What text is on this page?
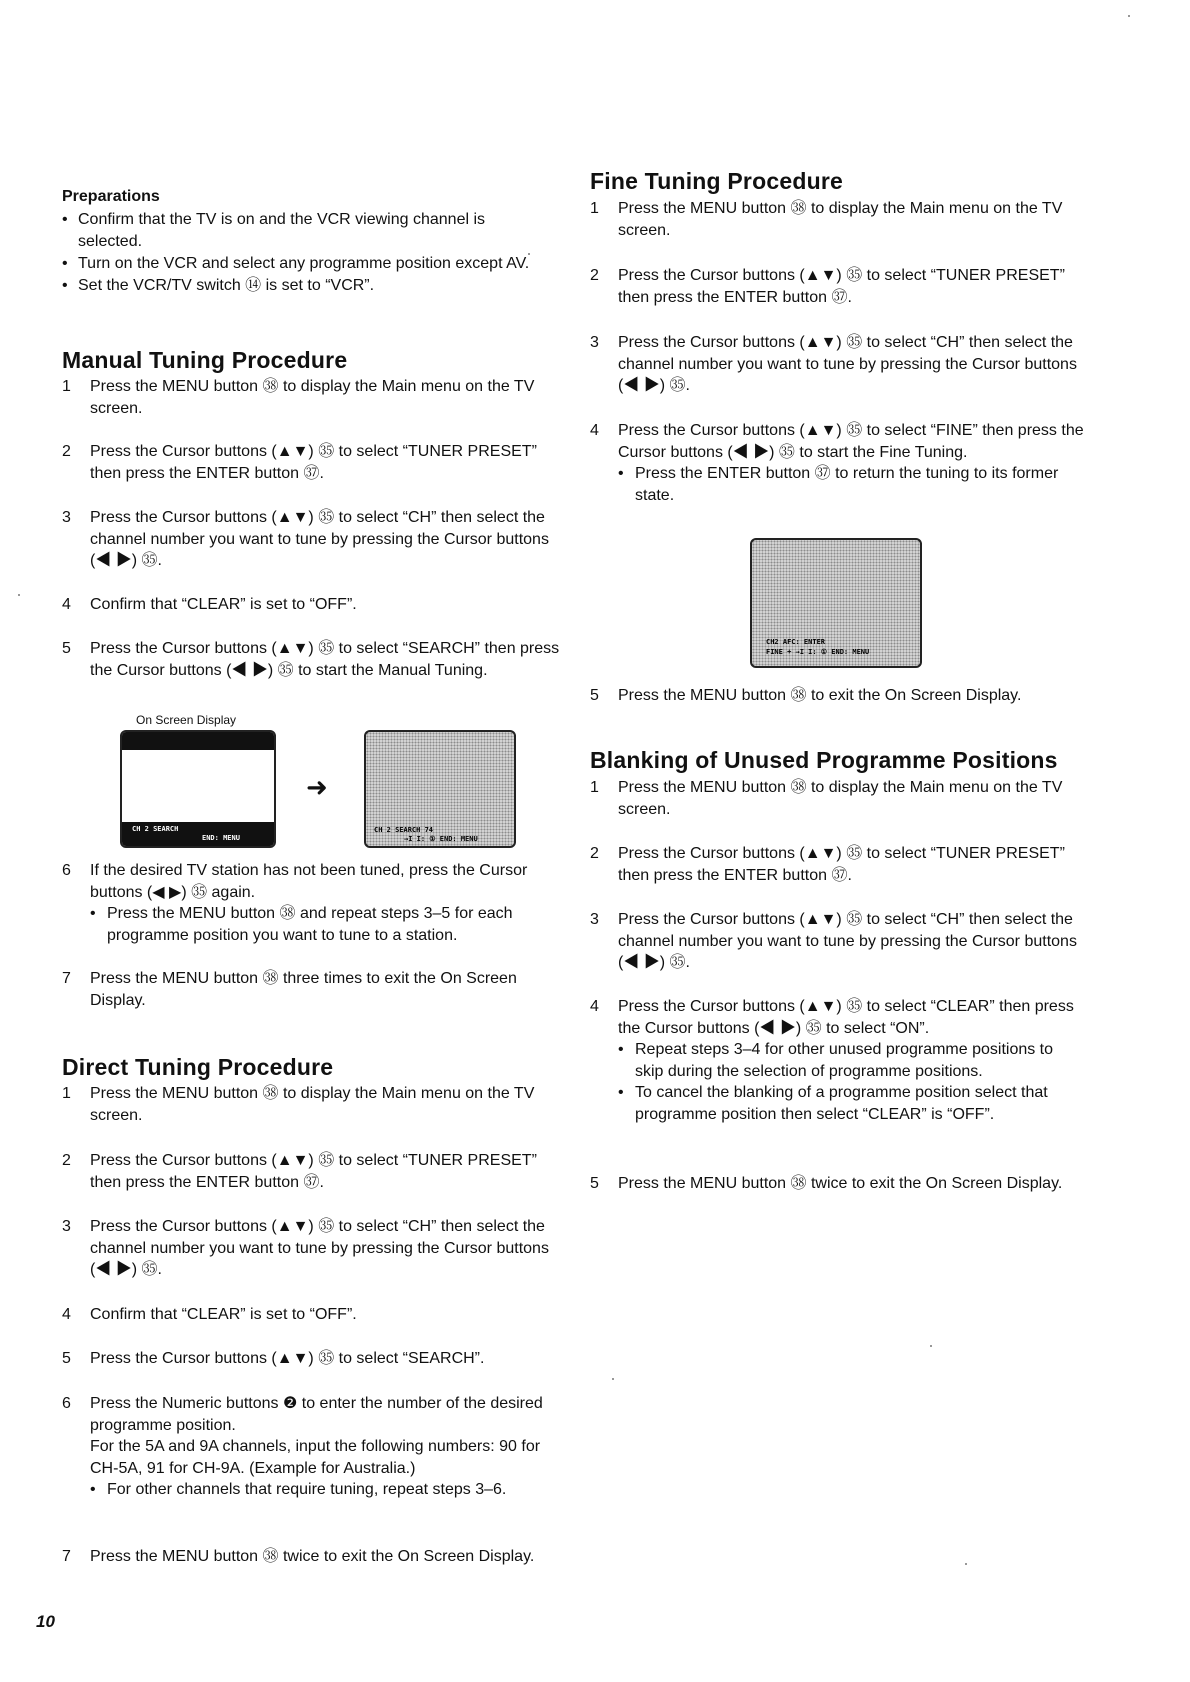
Preparations
• Confirm that the TV is on and the VCR viewing channel is selected.
• Turn on the VCR and select any programme position except AV.
• Set the VCR/TV switch ⑭ is set to “VCR”.
Manual Tuning Procedure
1	Press the MENU button ㊳ to display the Main menu on the TV screen.
2	Press the Cursor buttons (▲▼) ㉟ to select “TUNER PRESET” then press the ENTER button ㊲.
3	Press the Cursor buttons (▲▼) ㉟ to select “CH” then select the channel number you want to tune by pressing the Cursor buttons (◀ ▶) ㉟.
4	Confirm that “CLEAR” is set to “OFF”.
5	Press the Cursor buttons (▲▼) ㉟ to select “SEARCH” then press the Cursor buttons (◀ ▶) ㉟ to start the Manual Tuning.
On Screen Display
CH 2 SEARCH
END: MENU
➜
CH 2 SEARCH 74
→I I: ① END: MENU
6	If the desired TV station has not been tuned, press the Cursor buttons (◀ ▶) ㉟ again.
• Press the MENU button ㊳ and repeat steps 3–5 for each programme position you want to tune to a station.
7	Press the MENU button ㊳ three times to exit the On Screen Display.
Direct Tuning Procedure
1	Press the MENU button ㊳ to display the Main menu on the TV screen.
2	Press the Cursor buttons (▲▼) ㉟ to select “TUNER PRESET” then press the ENTER button ㊲.
3	Press the Cursor buttons (▲▼) ㉟ to select “CH” then select the channel number you want to tune by pressing the Cursor buttons (◀ ▶) ㉟.
4	Confirm that “CLEAR” is set to “OFF”.
5	Press the Cursor buttons (▲▼) ㉟ to select “SEARCH”.
6	Press the Numeric buttons ❷ to enter the number of the desired programme position.
For the 5A and 9A channels, input the following numbers: 90 for CH-5A, 91 for CH-9A. (Example for Australia.)
• For other channels that require tuning, repeat steps 3–6.
7	Press the MENU button ㊳ twice to exit the On Screen Display.
Fine Tuning Procedure
1	Press the MENU button ㊳ to display the Main menu on the TV screen.
2	Press the Cursor buttons (▲▼) ㉟ to select “TUNER PRESET” then press the ENTER button ㊲.
3	Press the Cursor buttons (▲▼) ㉟ to select “CH” then select the channel number you want to tune by pressing the Cursor buttons (◀ ▶) ㉟.
4	Press the Cursor buttons (▲▼) ㉟ to select “FINE” then press the Cursor buttons (◀ ▶) ㉟ to start the Fine Tuning.
• Press the ENTER button ㊲ to return the tuning to its former state.
CH2 AFC: ENTER
FINE + →I I: ① END: MENU
5	Press the MENU button ㊳ to exit the On Screen Display.
Blanking of Unused Programme Positions
1	Press the MENU button ㊳ to display the Main menu on the TV screen.
2	Press the Cursor buttons (▲▼) ㉟ to select “TUNER PRESET” then press the ENTER button ㊲.
3	Press the Cursor buttons (▲▼) ㉟ to select “CH” then select the channel number you want to tune by pressing the Cursor buttons (◀ ▶) ㉟.
4	Press the Cursor buttons (▲▼) ㉟ to select “CLEAR” then press the Cursor buttons (◀ ▶) ㉟ to select “ON”.
• Repeat steps 3–4 for other unused programme positions to skip during the selection of programme positions.
• To cancel the blanking of a programme position select that programme position then select “CLEAR” is “OFF”.
5	Press the MENU button ㊳ twice to exit the On Screen Display.
10
